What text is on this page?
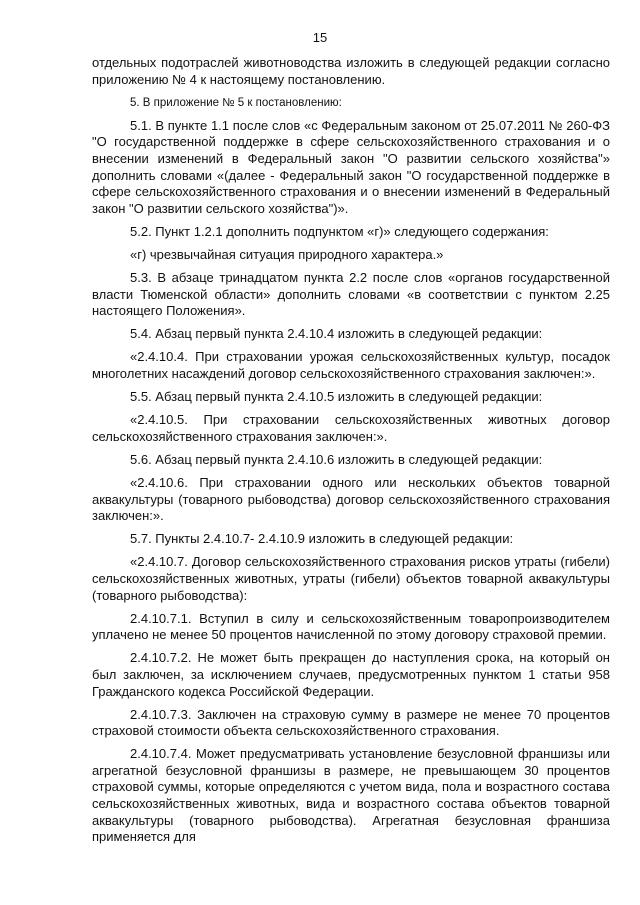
15

отдельных подотраслей животноводства изложить в следующей редакции согласно приложению № 4 к настоящему постановлению.

5. В приложение № 5 к постановлению:

5.1. В пункте 1.1 после слов «с Федеральным законом от 25.07.2011 № 260-ФЗ "О государственной поддержке в сфере сельскохозяйственного страхования и о внесении изменений в Федеральный закон "О развитии сельского хозяйства"» дополнить словами «(далее - Федеральный закон "О государственной поддержке в сфере сельскохозяйственного страхования и о внесении изменений в Федеральный закон "О развитии сельского хозяйства")».

5.2. Пункт 1.2.1 дополнить подпунктом «г)» следующего содержания:

«г) чрезвычайная ситуация природного характера.»

5.3. В абзаце тринадцатом пункта 2.2 после слов «органов государственной власти Тюменской области» дополнить словами «в соответствии с пунктом 2.25 настоящего Положения».

5.4. Абзац первый пункта 2.4.10.4 изложить в следующей редакции:

«2.4.10.4. При страховании урожая сельскохозяйственных культур, посадок многолетних насаждений договор сельскохозяйственного страхования заключен:».

5.5. Абзац первый пункта 2.4.10.5 изложить в следующей редакции:

«2.4.10.5. При страховании сельскохозяйственных животных договор сельскохозяйственного страхования заключен:».

5.6. Абзац первый пункта 2.4.10.6 изложить в следующей редакции:

«2.4.10.6. При страховании одного или нескольких объектов товарной аквакультуры (товарного рыбоводства) договор сельскохозяйственного страхования заключен:».

5.7. Пункты 2.4.10.7- 2.4.10.9 изложить в следующей редакции:

«2.4.10.7. Договор сельскохозяйственного страхования рисков утраты (гибели) сельскохозяйственных животных, утраты (гибели) объектов товарной аквакультуры (товарного рыбоводства):

2.4.10.7.1. Вступил в силу и сельскохозяйственным товаропроизводителем уплачено не менее 50 процентов начисленной по этому договору страховой премии.

2.4.10.7.2. Не может быть прекращен до наступления срока, на который он был заключен, за исключением случаев, предусмотренных пунктом 1 статьи 958 Гражданского кодекса Российской Федерации.

2.4.10.7.3. Заключен на страховую сумму в размере не менее 70 процентов страховой стоимости объекта сельскохозяйственного страхования.

2.4.10.7.4. Может предусматривать установление безусловной франшизы или агрегатной безусловной франшизы в размере, не превышающем 30 процентов страховой суммы, которые определяются с учетом вида, пола и возрастного состава сельскохозяйственных животных, вида и возрастного состава объектов товарной аквакультуры (товарного рыбоводства). Агрегатная безусловная франшиза применяется для
